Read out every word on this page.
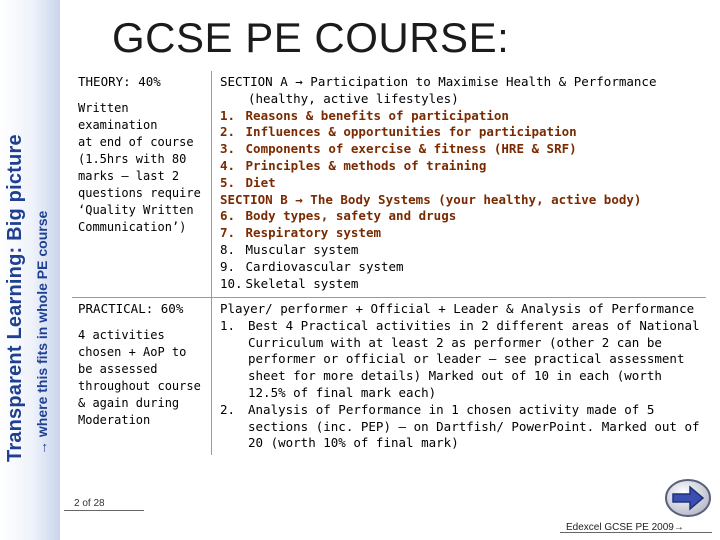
Transparent Learning: Big picture → where this fits in whole PE course
GCSE PE COURSE:
THEORY: 40%
Written
examination
at end of course
(1.5hrs with 80
marks – last 2
questions require
‘Quality Written
Communication’)
SECTION A → Participation to Maximise Health & Performance
(healthy, active lifestyles)
1. Reasons & benefits of participation
2. Influences & opportunities for participation
3. Components of exercise & fitness (HRE & SRF)
4. Principles & methods of training
5. Diet
SECTION B → The Body Systems (your healthy, active body)
6. Body types, safety and drugs
7. Respiratory system
8. Muscular system
9. Cardiovascular system
10. Skeletal system
PRACTICAL: 60%
4 activities
chosen + AoP to
be assessed
throughout course
& again during
Moderation
Player/ performer + Official + Leader & Analysis of Performance
1.	Best 4 Practical activities in 2 different areas of National Curriculum with at least 2 as performer (other 2 can be performer or official or leader – see practical assessment sheet for more details) Marked out of 10 in each (worth 12.5% of final mark each)
2.	Analysis of Performance in 1 chosen activity made of 5 sections (inc. PEP) – on Dartfish/ PowerPoint. Marked out of 20 (worth 10% of final mark)
2 of 28
Edexcel GCSE PE 2009→
